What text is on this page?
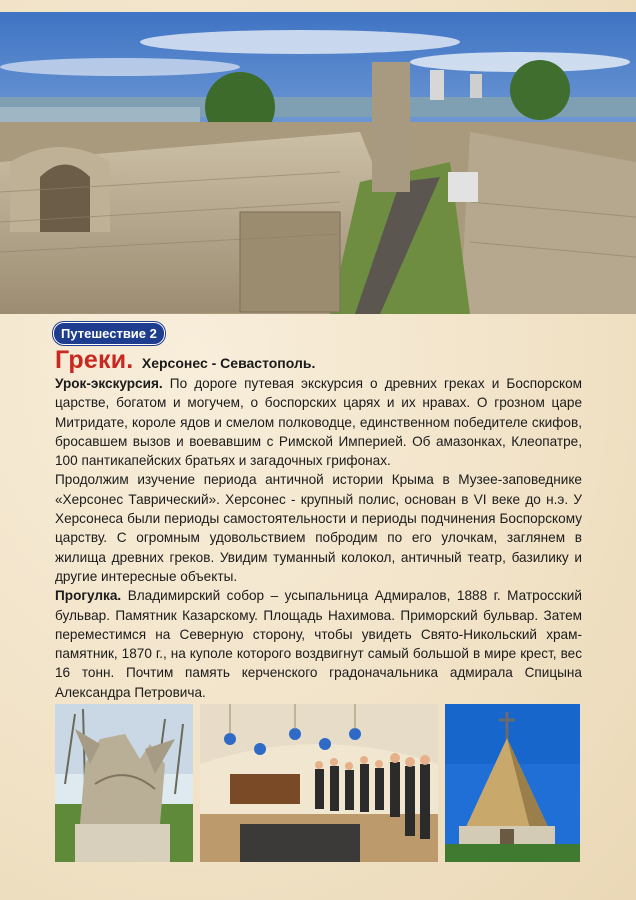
Путешествие 2
Греки. Херсонес - Севастополь.

Урок-экскурсия. По дороге путевая экскурсия о древних греках и Боспорском царстве, богатом и могучем, о боспорских царях и их нравах. О грозном царе Митридате, короле ядов и смелом полководце, единственном победителе скифов, бросавшем вызов и воевавшим с Римской Империей. Об амазонках, Клеопатре, 100 пантикапейских братьях и загадочных грифонах.

Продолжим изучение периода античной истории Крыма в Музее-заповеднике «Херсонес Таврический». Херсонес - крупный полис, основан в VI веке до н.э. У Херсонеса были периоды самостоятельности и периоды подчинения Боспорскому царству. С огромным удовольствием побродим по его улочкам, заглянем в жилища древних греков. Увидим туманный колокол, античный театр, базилику и другие интересные объекты.

Прогулка. Владимирский собор – усыпальница Адмиралов, 1888 г. Матросский бульвар. Памятник Казарскому. Площадь Нахимова. Приморский бульвар. Затем переместимся на Северную сторону, чтобы увидеть Свято-Никольский храм-памятник, 1870 г., на куполе которого воздвигнут самый большой в мире крест, вес 16 тонн. Почтим память керченского градоначальника адмирала Спицына Александра Петровича.
